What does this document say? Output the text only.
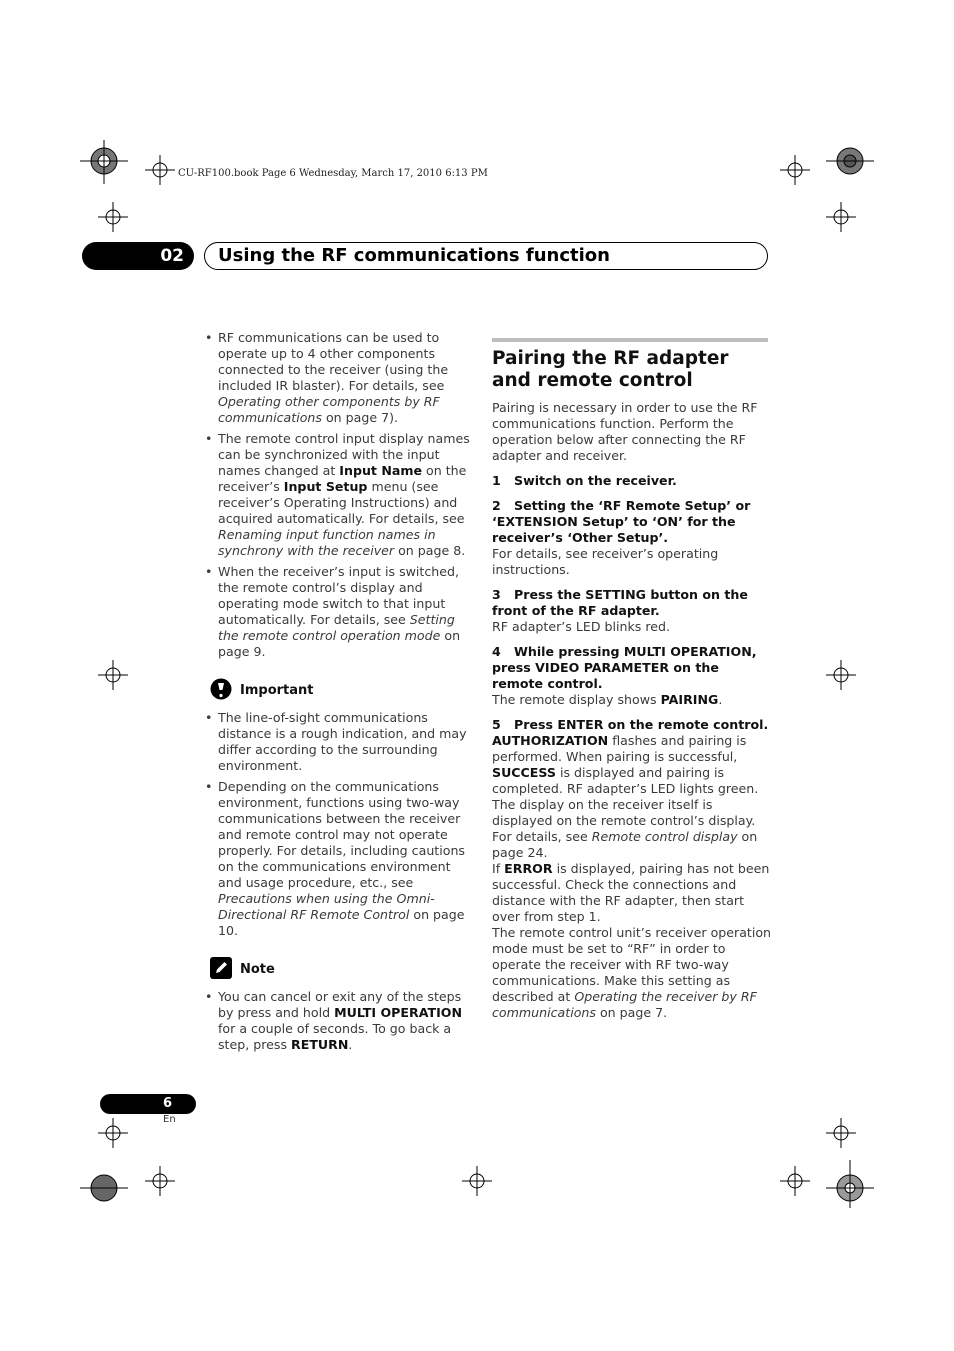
CU-RF100.book Page 6 Wednesday, March 17, 2010 6:13 PM
02	Using the RF communications function
• RF communications can be used to operate up to 4 other components connected to the receiver (using the included IR blaster). For details, see Operating other components by RF communications on page 7).
• The remote control input display names can be synchronized with the input names changed at Input Name on the receiver’s Input Setup menu (see receiver’s Operating Instructions) and acquired automatically. For details, see Renaming input function names in synchrony with the receiver on page 8.
• When the receiver’s input is switched, the remote control’s display and operating mode switch to that input automatically. For details, see Setting the remote control operation mode on page 9.
Important
• The line-of-sight communications distance is a rough indication, and may differ according to the surrounding environment.
• Depending on the communications environment, functions using two-way communications between the receiver and remote control may not operate properly. For details, including cautions on the communications environment and usage procedure, etc., see Precautions when using the Omni-Directional RF Remote Control on page 10.
Note
• You can cancel or exit any of the steps by press and hold MULTI OPERATION for a couple of seconds. To go back a step, press RETURN.
Pairing the RF adapter and remote control

Pairing is necessary in order to use the RF communications function. Perform the operation below after connecting the RF adapter and receiver.

1 Switch on the receiver.
2 Setting the ‘RF Remote Setup’ or ‘EXTENSION Setup’ to ‘ON’ for the receiver’s ‘Other Setup’.

For details, see receiver’s operating instructions.

3 Press the SETTING button on the front of the RF adapter.

RF adapter’s LED blinks red.

4 While pressing MULTI OPERATION, press VIDEO PARAMETER on the remote control.

The remote display shows PAIRING.

5 Press ENTER on the remote control.

AUTHORIZATION flashes and pairing is performed. When pairing is successful, SUCCESS is displayed and pairing is completed. RF adapter’s LED lights green.

The display on the receiver itself is displayed on the remote control’s display. For details, see Remote control display on page 24.

If ERROR is displayed, pairing has not been successful. Check the connections and distance with the RF adapter, then start over from step 1.

The remote control unit’s receiver operation mode must be set to “RF” in order to operate the receiver with RF two-way communications. Make this setting as described at Operating the receiver by RF communications on page 7.

6
En
